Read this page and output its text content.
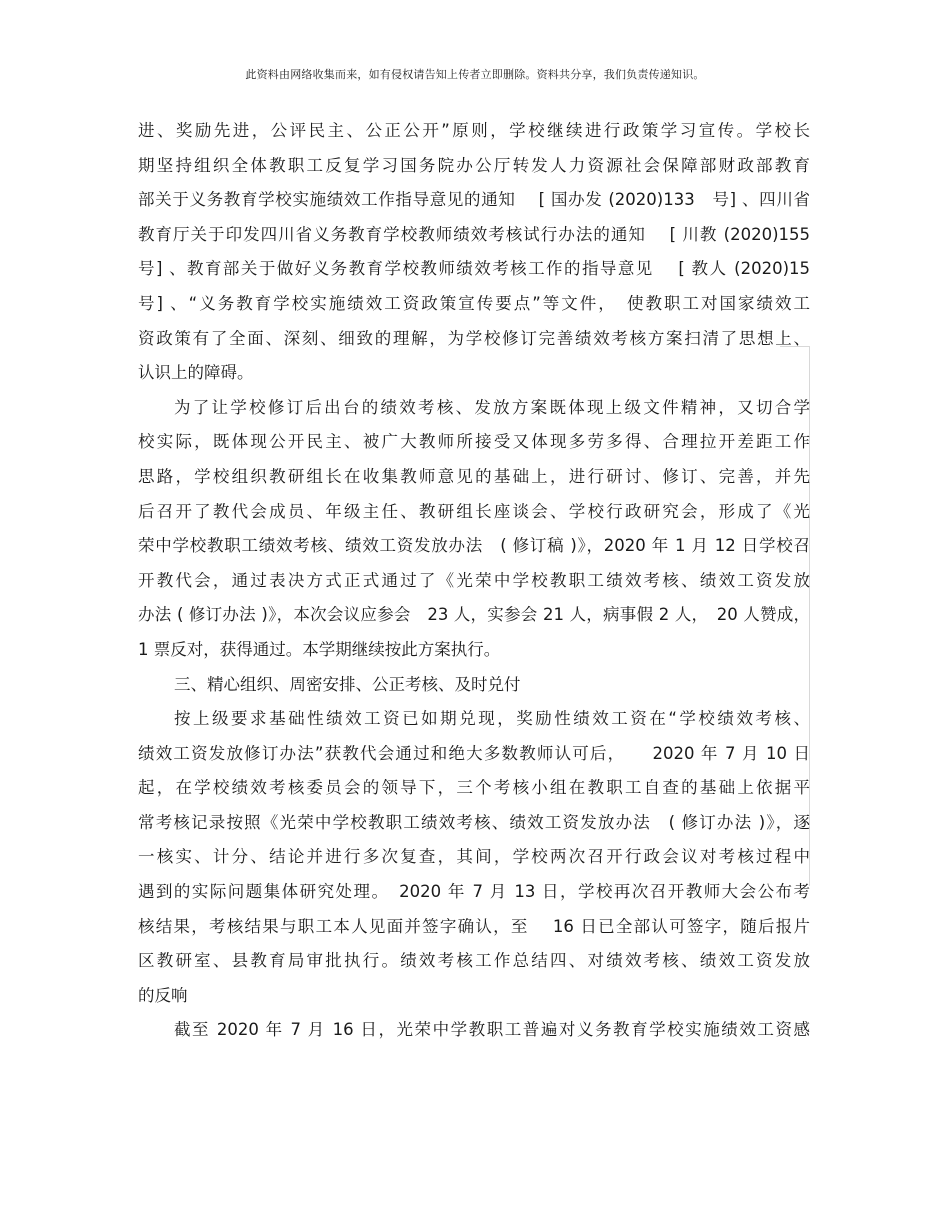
此资料由网络收集而来，如有侵权请告知上传者立即删除。资料共分享，我们负责传递知识。
进、奖励先进，公评民主、公正公开”原则，学校继续进行政策学习宣传。学校长
期坚持组织全体教职工反复学习国务院办公厅转发人力资源社会保障部财政部教育
部关于义务教育学校实施绩效工作指导意见的通知　 [ 国办发 (2020)133　号] 、四川省
教育厅关于印发四川省义务教育学校教师绩效考核试行办法的通知　 [ 川教 (2020)155
号] 、教育部关于做好义务教育学校教师绩效考核工作的指导意见　 [ 教人 (2020)15
号] 、“义务教育学校实施绩效工资政策宣传要点”等文件，　使教职工对国家绩效工
资政策有了全面、深刻、细致的理解，为学校修订完善绩效考核方案扫清了思想上、
认识上的障碍。
为了让学校修订后出台的绩效考核、发放方案既体现上级文件精神，又切合学
校实际，既体现公开民主、被广大教师所接受又体现多劳多得、合理拉开差距工作
思路，学校组织教研组长在收集教师意见的基础上，进行研讨、修订、完善，并先
后召开了教代会成员、年级主任、教研组长座谈会、学校行政研究会，形成了《光
荣中学校教职工绩效考核、绩效工资发放办法　( 修订稿 )》，2020 年 1 月 12 日学校召
开教代会，通过表决方式正式通过了《光荣中学校教职工绩效考核、绩效工资发放
办法 ( 修订办法 )》，本次会议应参会　23 人，实参会 21 人，病事假 2 人，　20 人赞成，
1 票反对，获得通过。本学期继续按此方案执行。
三、精心组织、周密安排、公正考核、及时兑付
按上级要求基础性绩效工资已如期兑现，奖励性绩效工资在“学校绩效考核、
绩效工资发放修订办法”获教代会通过和绝大多数教师认可后，　　2020 年 7 月 10 日
起，在学校绩效考核委员会的领导下，三个考核小组在教职工自查的基础上依据平
常考核记录按照《光荣中学校教职工绩效考核、绩效工资发放办法　( 修订办法 )》，逐
一核实、计分、结论并进行多次复查，其间，学校两次召开行政会议对考核过程中
遇到的实际问题集体研究处理。　2020 年 7 月 13 日，学校再次召开教师大会公布考
核结果，考核结果与职工本人见面并签字确认，至　 16 日已全部认可签字，随后报片
区教研室、县教育局审批执行。绩效考核工作总结四、对绩效考核、绩效工资发放
的反响
截至 2020 年 7 月 16 日，光荣中学教职工普遍对义务教育学校实施绩效工资感
